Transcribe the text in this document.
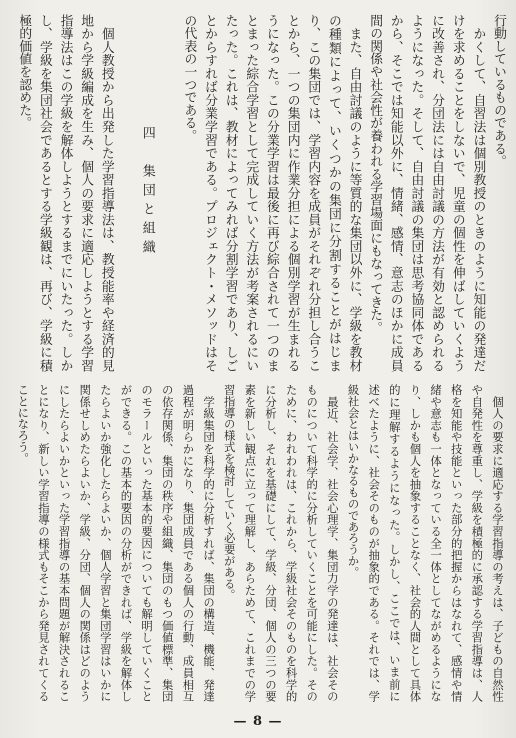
行動しているものである。
　かくして、自習法は個別教授のときのように知能の発達だ
けを求めることをしないで、児童の個性を伸ばしていくよう
に改善され、分団法には自由討議の方法が有効と認められる
ようになった。そして、自由討議の集団は思考協同体である
から、そこでは知能以外に、情緒、感情、意志のほかに成員
間の関係や社会性が養われる学習場面にもなってきた。
　また、自由討議のように等質的な集団以外に、学級を教材
の種類によって、いくつかの集団に分割することがはじま
り、この集団では、学習内容を成員がそれぞれ分担し合うこ
とから、一つの集団内に作業分担による個別学習が生まれる
うになった。この分業学習は最後に再び綜合されて一つのま
とまった綜合学習として完成していく方法が考案されるにい
たった。これは、教材によってみれば分割学習であり、しご
とからすれば分業学習である。プロジェクト・メソッドはそ
の代表の一つである。
四　集団と組織
　個人教授から出発した学習指導法は、教授能率や経済的見
地から学級編成を生み、個人の要求に適応しようとする学習
指導法はこの学級を解体しようとするまでにいたった。しか
し、学級を集団社会であるとする学級観は、再び、学級に積
極的価値を認めた。
　個人の要求に適応する学習指導の考えは、子どもの自然性
や自発性を尊重し、学級を積極的に承認する学習指導は、人
格を知能や技能といった部分的把握からはなれて、感情や情
緒や意志も一体となっている全一体としてながめるようにな
り、しかも個人を抽象することなく、社会的人間として具体
的に理解するようになった。しかし、ここでは、いま前に
述べたように、社会そのものが抽象的である。それでは、学
級社会とはいかなるものであろうか。
　最近、社会学、社会心理学、集団力学の発達は、社会その
ものについて科学的に分析していくことを可能にした。その
ために、われわれは、これから、学級社会そのものを科学的
に分析し、それを基礎にして、学級、分団、個人の三つの要
素を新しい観点に立って理解し、あらためて、これまでの学
習指導の様式を検討していく必要がある。
　学級集団を科学的に分析すれば、集団の構造、機能、発達
過程が明らかになり、集団成員である個人の行動、成員相互
の依存関係、集団の秩序や組織、集団のもつ価値標準、集団
のモラールといった基本的要因についても解明していくこと
ができる。この基本的要因の分析ができれば、学級を解体し
たらよいか強化したらよいか、個人学習と集団学習はいかに
関係せしめたらよいか、学級、分団、個人の関係はどのよう
にしたらよいかといった学習指導の基本問題が解決されるこ
とになり、新しい学習指導の様式もそこから発見されてくる
ことになろう。
— 8 —
